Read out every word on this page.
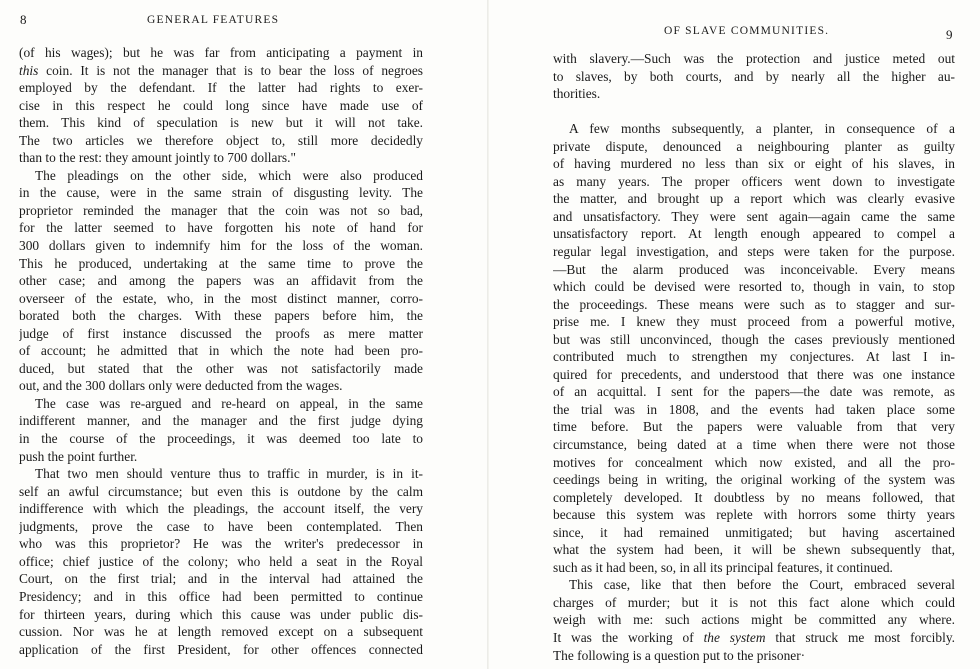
8	GENERAL FEATURES
(of his wages); but he was far from anticipating a payment in
this coin. It is not the manager that is to bear the loss of negroes
employed by the defendant. If the latter had rights to exer-
cise in this respect he could long since have made use of
them. This kind of speculation is new but it will not take.
The two articles we therefore object to, still more decidedly
than to the rest: they amount jointly to 700 dollars."
The pleadings on the other side, which were also produced
in the cause, were in the same strain of disgusting levity. The
proprietor reminded the manager that the coin was not so bad,
for the latter seemed to have forgotten his note of hand for
300 dollars given to indemnify him for the loss of the woman.
This he produced, undertaking at the same time to prove the
other case; and among the papers was an affidavit from the
overseer of the estate, who, in the most distinct manner, corro-
borated both the charges. With these papers before him, the
judge of first instance discussed the proofs as mere matter
of account; he admitted that in which the note had been pro-
duced, but stated that the other was not satisfactorily made
out, and the 300 dollars only were deducted from the wages.
The case was re-argued and re-heard on appeal, in the same
indifferent manner, and the manager and the first judge dying
in the course of the proceedings, it was deemed too late to
push the point further.
That two men should venture thus to traffic in murder, is in it-
self an awful circumstance; but even this is outdone by the calm
indifference with which the pleadings, the account itself, the very
judgments, prove the case to have been contemplated. Then
who was this proprietor? He was the writer's predecessor in
office; chief justice of the colony; who held a seat in the Royal
Court, on the first trial; and in the interval had attained the
Presidency; and in this office had been permitted to continue
for thirteen years, during which this cause was under public dis-
cussion. Nor was he at length removed except on a subsequent
application of the first President, for other offences connected
OF SLAVE COMMUNITIES.	9
with slavery.—Such was the protection and justice meted out
to slaves, by both courts, and by nearly all the higher au-
thorities.
A few months subsequently, a planter, in consequence of a
private dispute, denounced a neighbouring planter as guilty
of having murdered no less than six or eight of his slaves, in
as many years. The proper officers went down to investigate
the matter, and brought up a report which was clearly evasive
and unsatisfactory. They were sent again—again came the same
unsatisfactory report. At length enough appeared to compel a
regular legal investigation, and steps were taken for the purpose.
—But the alarm produced was inconceivable. Every means
which could be devised were resorted to, though in vain, to stop
the proceedings. These means were such as to stagger and sur-
prise me. I knew they must proceed from a powerful motive,
but was still unconvinced, though the cases previously mentioned
contributed much to strengthen my conjectures. At last I in-
quired for precedents, and understood that there was one instance
of an acquittal. I sent for the papers—the date was remote, as
the trial was in 1808, and the events had taken place some
time before. But the papers were valuable from that very
circumstance, being dated at a time when there were not those
motives for concealment which now existed, and all the pro-
ceedings being in writing, the original working of the system was
completely developed. It doubtless by no means followed, that
because this system was replete with horrors some thirty years
since, it had remained unmitigated; but having ascertained
what the system had been, it will be shewn subsequently that,
such as it had been, so, in all its principal features, it continued.
This case, like that then before the Court, embraced several
charges of murder; but it is not this fact alone which could
weigh with me: such actions might be committed any where.
It was the working of the system that struck me most forcibly.
The following is a question put to the prisoner·
